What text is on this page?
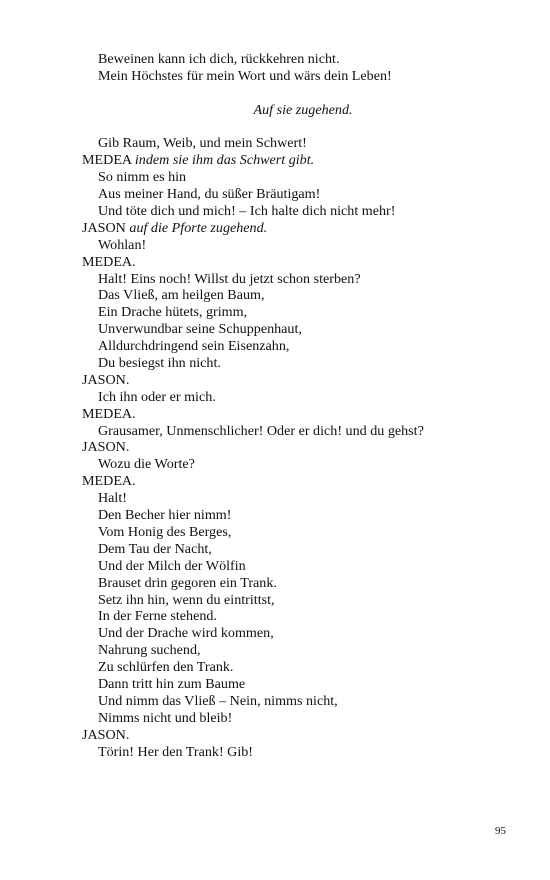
Beweinen kann ich dich, rückkehren nicht.
Mein Höchstes für mein Wort und wärs dein Leben!
Auf sie zugehend.
Gib Raum, Weib, und mein Schwert!
MEDEA indem sie ihm das Schwert gibt.
So nimm es hin
Aus meiner Hand, du süßer Bräutigam!
Und töte dich und mich! – Ich halte dich nicht mehr!
JASON auf die Pforte zugehend.
Wohlan!
MEDEA.
Halt! Eins noch! Willst du jetzt schon sterben?
Das Vließ, am heilgen Baum,
Ein Drache hütets, grimm,
Unverwundbar seine Schuppenhaut,
Alldurchdringend sein Eisenzahn,
Du besiegst ihn nicht.
JASON.
Ich ihn oder er mich.
MEDEA.
Grausamer, Unmenschlicher! Oder er dich! und du gehst?
JASON.
Wozu die Worte?
MEDEA.
Halt!
Den Becher hier nimm!
Vom Honig des Berges,
Dem Tau der Nacht,
Und der Milch der Wölfin
Brauset drin gegoren ein Trank.
Setz ihn hin, wenn du eintrittst,
In der Ferne stehend.
Und der Drache wird kommen,
Nahrung suchend,
Zu schlürfen den Trank.
Dann tritt hin zum Baume
Und nimm das Vließ – Nein, nimms nicht,
Nimms nicht und bleib!
JASON.
Törin! Her den Trank! Gib!
95
